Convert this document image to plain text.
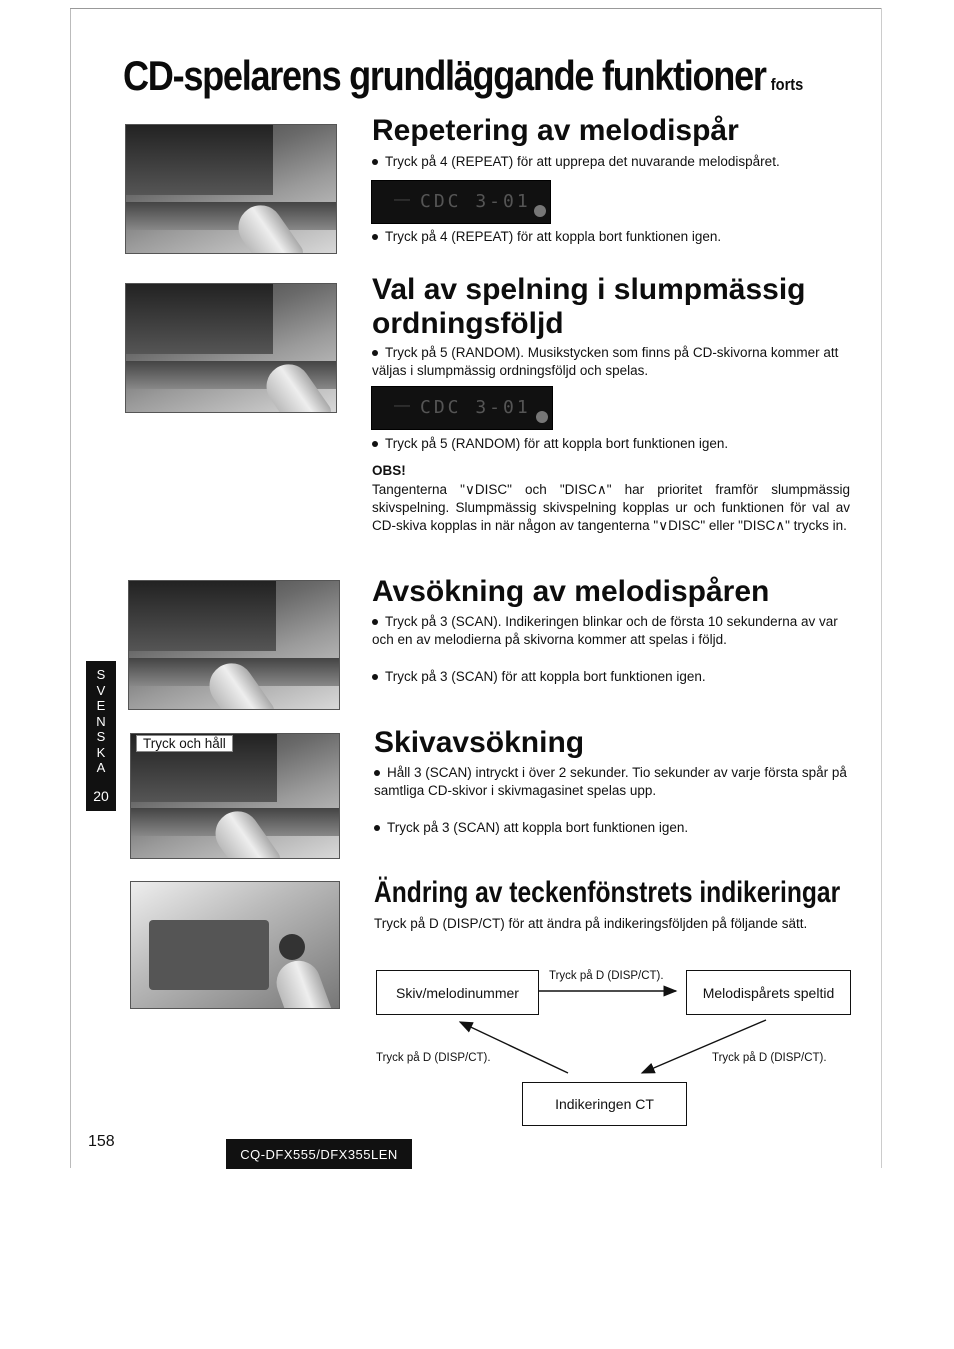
CD-spelarens grundläggande funktioner forts
Repetering av melodispår
Tryck på 4 (REPEAT) för att upprepa det nuvarande melodispåret.
— CDC 3-01
Tryck på 4 (REPEAT) för att koppla bort funktionen igen.
Val av spelning i slumpmässig
ordningsföljd
Tryck på 5 (RANDOM). Musikstycken som finns på CD-skivorna kommer att väljas i slumpmässig ordningsföljd och spelas.
— CDC 3-01
Tryck på 5 (RANDOM) för att koppla bort funktionen igen.
OBS!
Tangenterna "∨DISC" och "DISC∧" har prioritet framför slumpmässig skivspelning. Slumpmässig skivspelning kopplas ur och funktionen för val av CD-skiva kopplas in när någon av tangenterna "∨DISC" eller "DISC∧" trycks in.
Avsökning av melodispåren
Tryck på 3 (SCAN). Indikeringen blinkar och de första 10 sekunderna av var och en av melodierna på skivorna kommer att spelas i följd.
Tryck på 3 (SCAN) för att koppla bort funktionen igen.
S
V
E
N
S
K
A
20
Tryck och håll	Skivavsökning
Håll 3 (SCAN) intryckt i över 2 sekunder. Tio sekunder av varje första spår på samtliga CD-skivor i skivmagasinet spelas upp.
Tryck på 3 (SCAN) att koppla bort funktionen igen.
Ändring av teckenfönstrets indikeringar
Tryck på D (DISP/CT) för att ändra på indikeringsföljden på följande sätt.
Skiv/melodinummer	Melodispårets speltid
Indikeringen CT
Tryck på D (DISP/CT).
Tryck på D (DISP/CT).	Tryck på D (DISP/CT).
158
CQ-DFX555/DFX355LEN
